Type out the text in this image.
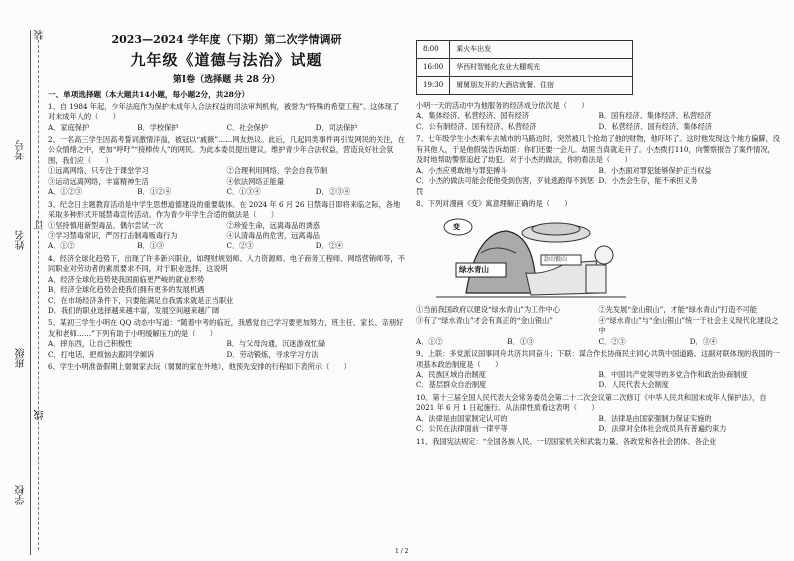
装
考号
姓名
班级
学校
订
线
2023—2024 学年度（下期）第二次学情调研
九年级《道德与法治》试题
第Ⅰ卷（选择题 共 28 分）
一、单项选择题（本大题共14小题，每小题2分，共28分）

1、自 1984 年起，少年法庭作为保护未成年人合法权益的司法审判机构，被誉为“特殊的希望工程”。这体现了对未成年人的（　　）

A．家庭保护	B．学校保护	C．社会保护	D．司法保护

2、一名高三学生因高考誓词激情洋溢，被冠以“戚薇”……网友热议。此后，几起同类事件再引发网民的关注，在公众情绪之中，更加“呼吁”“接棒传人”的网民。为此本委员提出建议，维护青少年合法权益，营造良好社会氛围，我们应（　　）

①远离网络，只专注于课堂学习	②合理利用网络，学会自我节制
③运动远离网络，丰富精神生活	④依法网络正能量
A．①②③	B．①②④	C．①③④	D．②③④

3、纪念日主题教育活动是中学生思想道德建设的重要载体。在 2024 年 6 月 26 日禁毒日即将来临之际，各地采取多种形式开展禁毒宣传活动。作为青少年学生合适的做法是（　　）

①坚持慎用新型毒品，偶尔尝试一次	②珍爱生命，远离毒品的诱惑
③学习禁毒常识，严厉打击制毒贩毒行为	④认清毒品的危害，远离毒品
A．①②	B．①③	C．②③	D．②④

4、经济全球化趋势下，出现了许多新兴职业，如理财规划师、人力资源师、电子商务工程师、网络营销师等，不同职业对劳动者的素质要求不同，对于职业选择，这说明

A．经济全球化趋势使我国面临更严峻的就业形势

B．经济全球化趋势会使我们拥有更多的发展机遇

C．在市场经济条件下，只要能满足自我需求就是正当职业

D．我们的职业选择越来越丰富，发展空间越来越广阔

5、某初三学生小明在 QQ 动态中写道：“随着中考的临近，我感觉自己学习要更加努力，班主任、家长、亲朋好友和老师……”下列有助于小明缓解压力的是（　　）

A．摔东西，让自己积极性	B．与父母沟通，沉迷游戏忙碌
C．打电话，把烦恼去跟同学倾诉	D．劳动锻炼，寻求学习方法

6、学生小明准备假期上舅舅家去玩（舅舅的家在外地），他预先安排的行程如下表所示（　　）

8:00	乘火车出发
16:00	华西村智能化农业大棚观光
19:30	舅舅朋友开的大酒店就餐、住宿

小明一天的活动中为他服务的经济成分依次是（　　）

A．集体经济、私营经济、国有经济	B．国有经济、集体经济、私营经济
C．公有制经济、国有经济、私营经济	D．私营经济、国有经济、集体经济

7、七年级学生小杰乘车去城市的马路边时，突然被几个抢劫了他的财物，他吓坏了。这时他发现这个地方偏僻，没有其他人，于是他假装告诉劫匪：你们还要一会儿。劫匪当真就走开了。小杰拨打110，向警察报告了案件情况，及时地帮助警察追赶了劫犯。对于小杰的做法，你的看法是（　　）

A．小杰应勇敢地与罪犯搏斗	B．小杰面对罪犯能够保护正当权益
C．小杰的做法可能会使他受到伤害，歹徒逃跑得不到惩罚
D．小杰会生存，能不承担义务

8、下列对漫画《变》寓意理解正确的是（　　）

变
绿水青山
金山银山
①当前我国政府以建设“绿水青山”为工作中心	②先发展“金山银山”，才能“绿水青山”打造不可能
③有了“绿水青山”才会有真正的“金山银山”	④“绿水青山”与“金山银山”统一于社会主义现代化建设之中
A．①②	B．①③	C．②③	D．③④

9、上联：多党派议国事同舟共济共同奋斗；下联：谋合作长协商民主同心共筑中国道路。这副对联体现的我国的一项基本政治制度是（　　）

A．民族区域自治制度	B．中国共产党领导的多党合作和政治协商制度
C．基层群众自治制度	D．人民代表大会制度

10、第十三届全国人民代表大会常务委员会第二十二次会议第二次修订《中华人民共和国未成年人保护法》，自 2021 年 6 月 1 日起施行。从法律性质看这表明（　　）

A．法律是由国家制定认可的	B．法律是由国家强制力保证实施的
C．公民在法律面前一律平等	D．法律对全体社会成员具有普遍约束力

11、我国宪法规定：“全国各族人民、一切国家机关和武装力量、各政党和各社会团体、各企业

1 / 2
